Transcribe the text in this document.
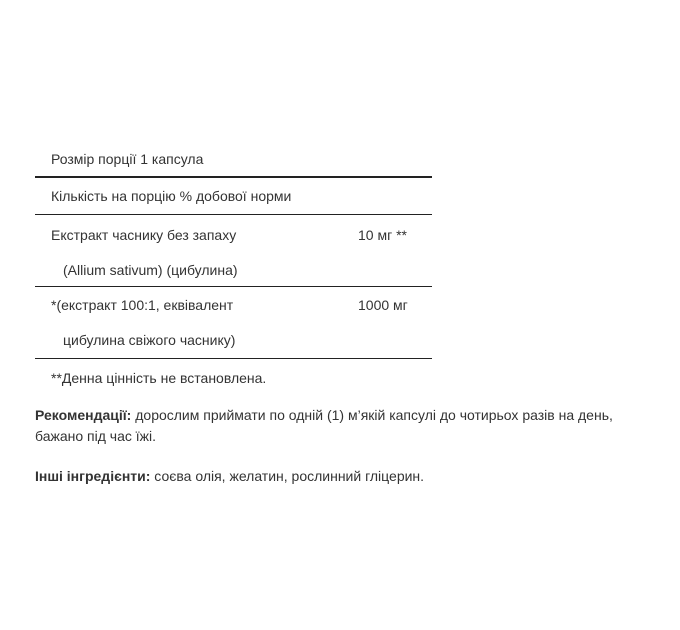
Розмір порції 1 капсула
Кількість на порцію % добової норми
Екстракт часнику без запаху	10 мг **
(Allium sativum) (цибулина)
*(екстракт 100:1, еквівалент	1000 мг
цибулина свіжого часнику)
**Денна цінність не встановлена.

Рекомендації: дорослим приймати по одній (1) м’якій капсулі до чотирьох разів на день, бажано під час їжі.

Інші інгредієнти: соєва олія, желатин, рослинний гліцерин.
